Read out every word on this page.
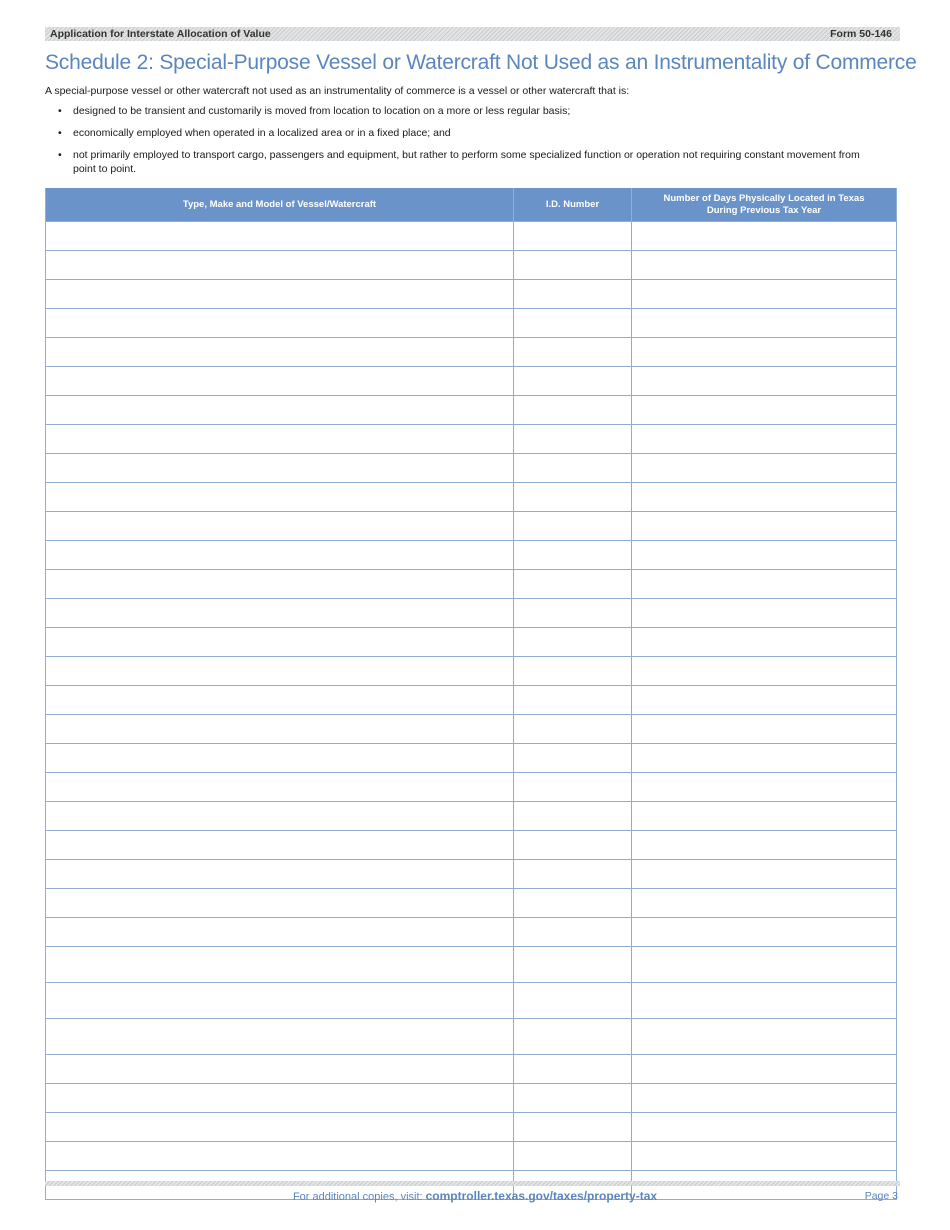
Application for Interstate Allocation of Value	Form 50-146
Schedule 2: Special-Purpose Vessel or Watercraft Not Used as an Instrumentality of Commerce
A special-purpose vessel or other watercraft not used as an instrumentality of commerce is a vessel or other watercraft that is:
• designed to be transient and customarily is moved from location to location on a more or less regular basis;
• economically employed when operated in a localized area or in a fixed place; and
• not primarily employed to transport cargo, passengers and equipment, but rather to perform some specialized function or operation not requiring constant movement from point to point.
Type, Make and Model of Vessel/Watercraft	I.D. Number	Number of Days Physically Located in Texas During Previous Tax Year

For additional copies, visit: comptroller.texas.gov/taxes/property-tax	Page 3
